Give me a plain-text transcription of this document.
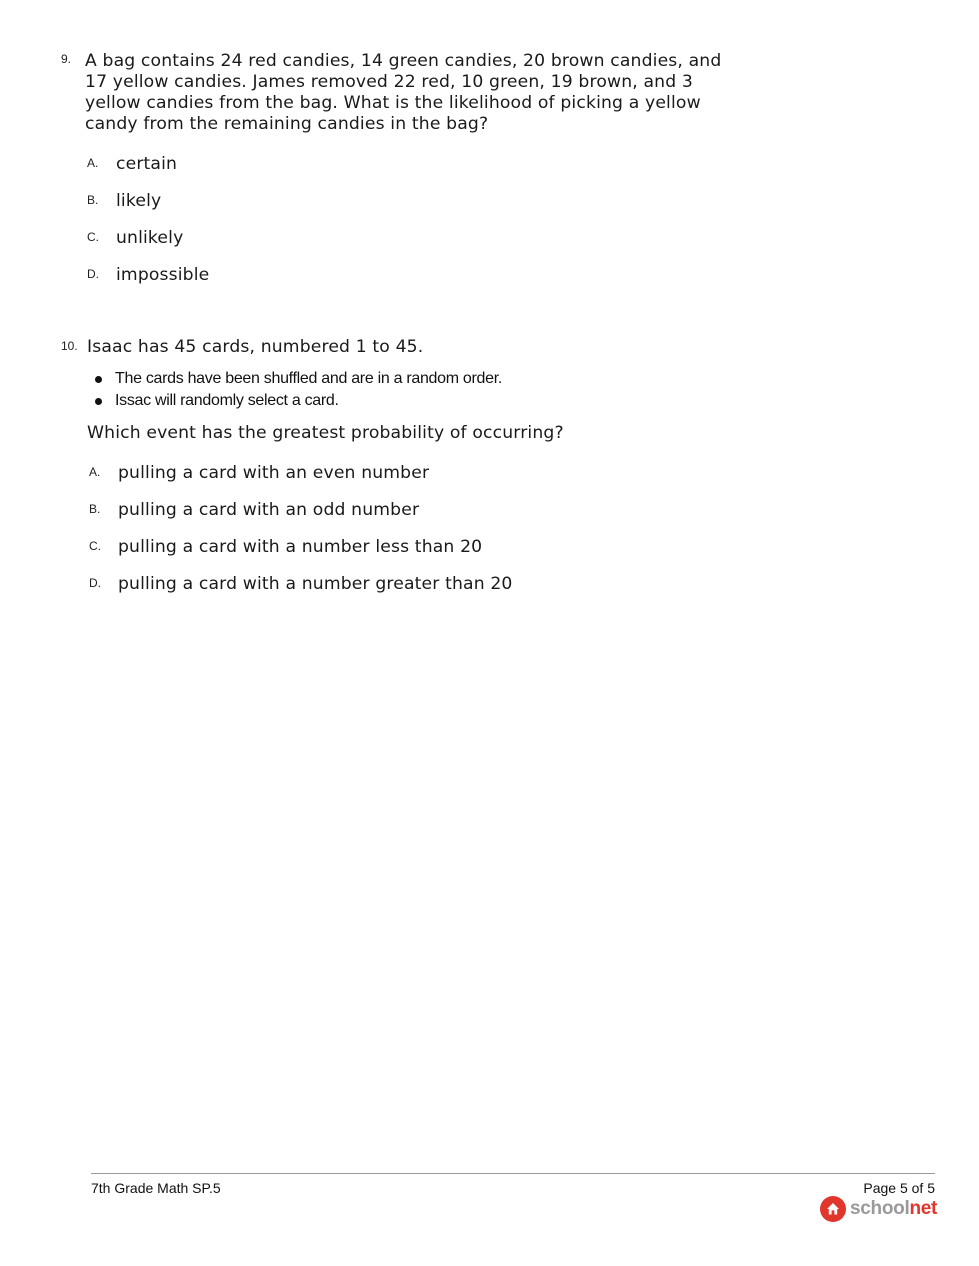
9. A bag contains 24 red candies, 14 green candies, 20 brown candies, and
17 yellow candies. James removed 22 red, 10 green, 19 brown, and 3
yellow candies from the bag. What is the likelihood of picking a yellow
candy from the remaining candies in the bag?
A. certain
B. likely
C. unlikely
D. impossible
10. Isaac has 45 cards, numbered 1 to 45.
The cards have been shuffled and are in a random order.
Issac will randomly select a card.
Which event has the greatest probability of occurring?
A. pulling a card with an even number
B. pulling a card with an odd number
C. pulling a card with a number less than 20
D. pulling a card with a number greater than 20
7th Grade Math SP.5	Page 5 of 5
schoolnet
